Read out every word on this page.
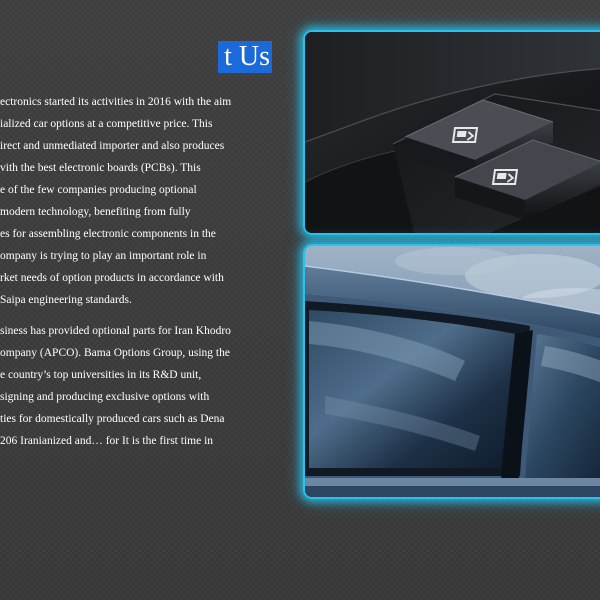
t Us
ectronics started its activities in 2016 with the aim
ialized car options at a competitive price. This
irect and unmediated importer and also produces
vith the best electronic boards (PCBs). This
e of the few companies producing optional
modern technology, benefiting from fully
es for assembling electronic components in the
ompany is trying to play an important role in
rket needs of option products in accordance with
Saipa engineering standards.
siness has provided optional parts for Iran Khodro
ompany (APCO). Bama Options Group, using the
e country’s top universities in its R&D unit,
signing and producing exclusive options with
ties for domestically produced cars such as Dena
206 Iranianized and… for It is the first time in
